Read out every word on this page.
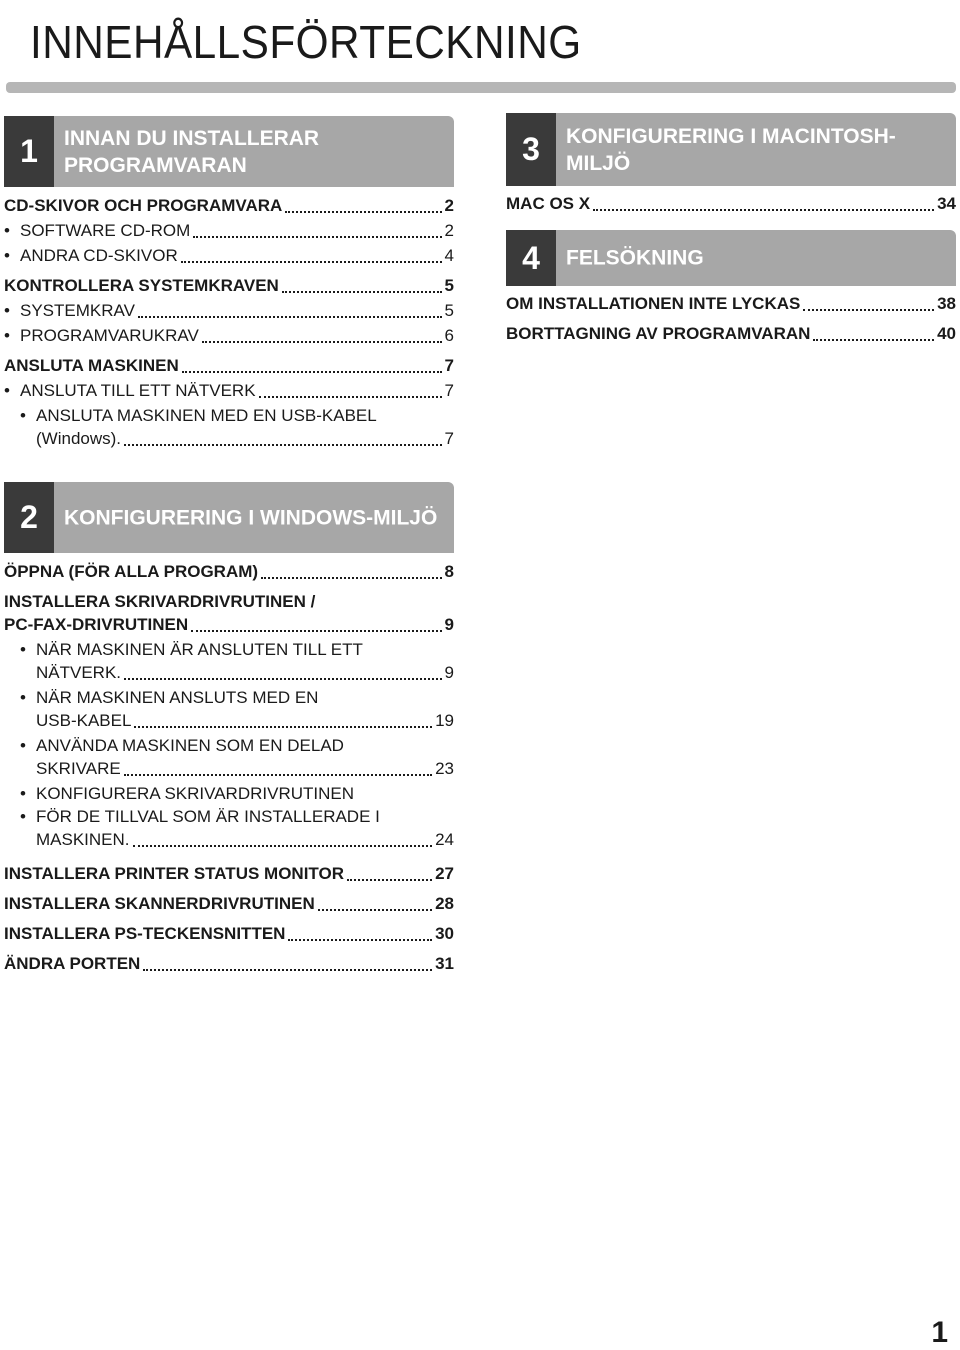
INNEHÅLLSFÖRTECKNING
1	INNAN DU INSTALLERAR PROGRAMVARAN
CD-SKIVOR OCH PROGRAMVARA	2
• SOFTWARE CD-ROM	2
• ANDRA CD-SKIVOR	4
KONTROLLERA SYSTEMKRAVEN	5
• SYSTEMKRAV	5
• PROGRAMVARUKRAV	6
ANSLUTA MASKINEN	7
• ANSLUTA TILL ETT NÄTVERK	7
• ANSLUTA MASKINEN MED EN USB-KABEL
(Windows).	7
3	KONFIGURERING I MACINTOSH-MILJÖ
MAC OS X	34
4	FELSÖKNING
OM INSTALLATIONEN INTE LYCKAS	38
BORTTAGNING AV PROGRAMVARAN	40
2	KONFIGURERING I WINDOWS-MILJÖ
ÖPPNA (FÖR ALLA PROGRAM)	8
INSTALLERA SKRIVARDRIVRUTINEN /
PC-FAX-DRIVRUTINEN	9
• NÄR MASKINEN ÄR ANSLUTEN TILL ETT
NÄTVERK.	9
• NÄR MASKINEN ANSLUTS MED EN
USB-KABEL	19
• ANVÄNDA MASKINEN SOM EN DELAD
SKRIVARE	23
• KONFIGURERA SKRIVARDRIVRUTINEN
• FÖR DE TILLVAL SOM ÄR INSTALLERADE I
MASKINEN.	24
INSTALLERA PRINTER STATUS MONITOR	27
INSTALLERA SKANNERDRIVRUTINEN	28
INSTALLERA PS-TECKENSNITTEN	30
ÄNDRA PORTEN	31
1
